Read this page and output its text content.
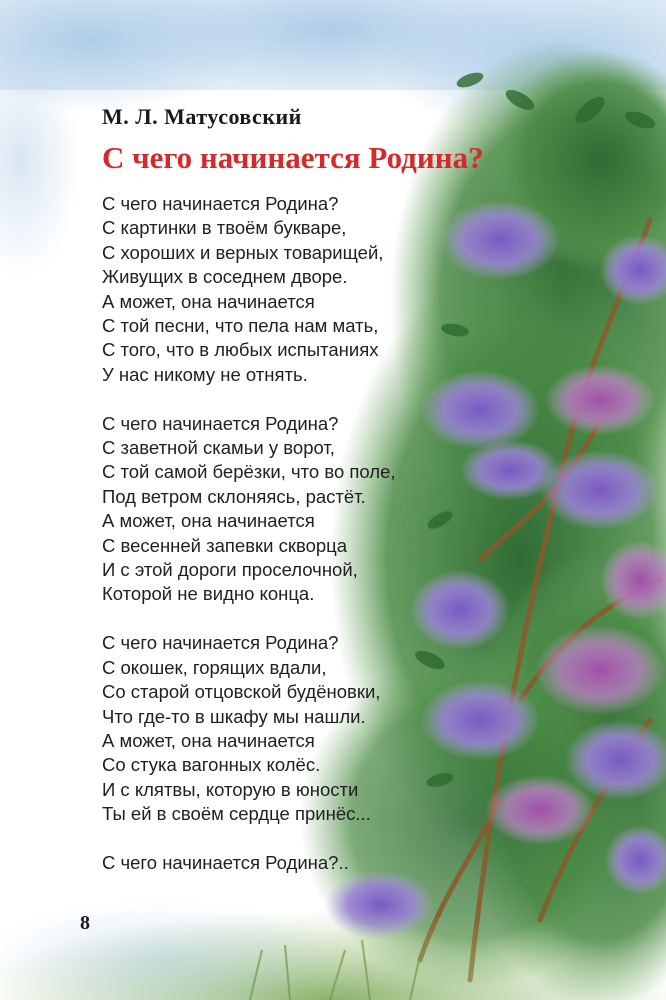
М. Л. Матусовский
С чего начинается Родина?
С чего начинается Родина?
С картинки в твоём букваре,
С хороших и верных товарищей,
Живущих в соседнем дворе.
А может, она начинается
С той песни, что пела нам мать,
С того, что в любых испытаниях
У нас никому не отнять.
С чего начинается Родина?
С заветной скамьи у ворот,
С той самой берёзки, что во поле,
Под ветром склоняясь, растёт.
А может, она начинается
С весенней запевки скворца
И с этой дороги проселочной,
Которой не видно конца.
С чего начинается Родина?
С окошек, горящих вдали,
Со старой отцовской будёновки,
Что где-то в шкафу мы нашли.
А может, она начинается
Со стука вагонных колёс.
И с клятвы, которую в юности
Ты ей в своём сердце принёс...
С чего начинается Родина?..
8
